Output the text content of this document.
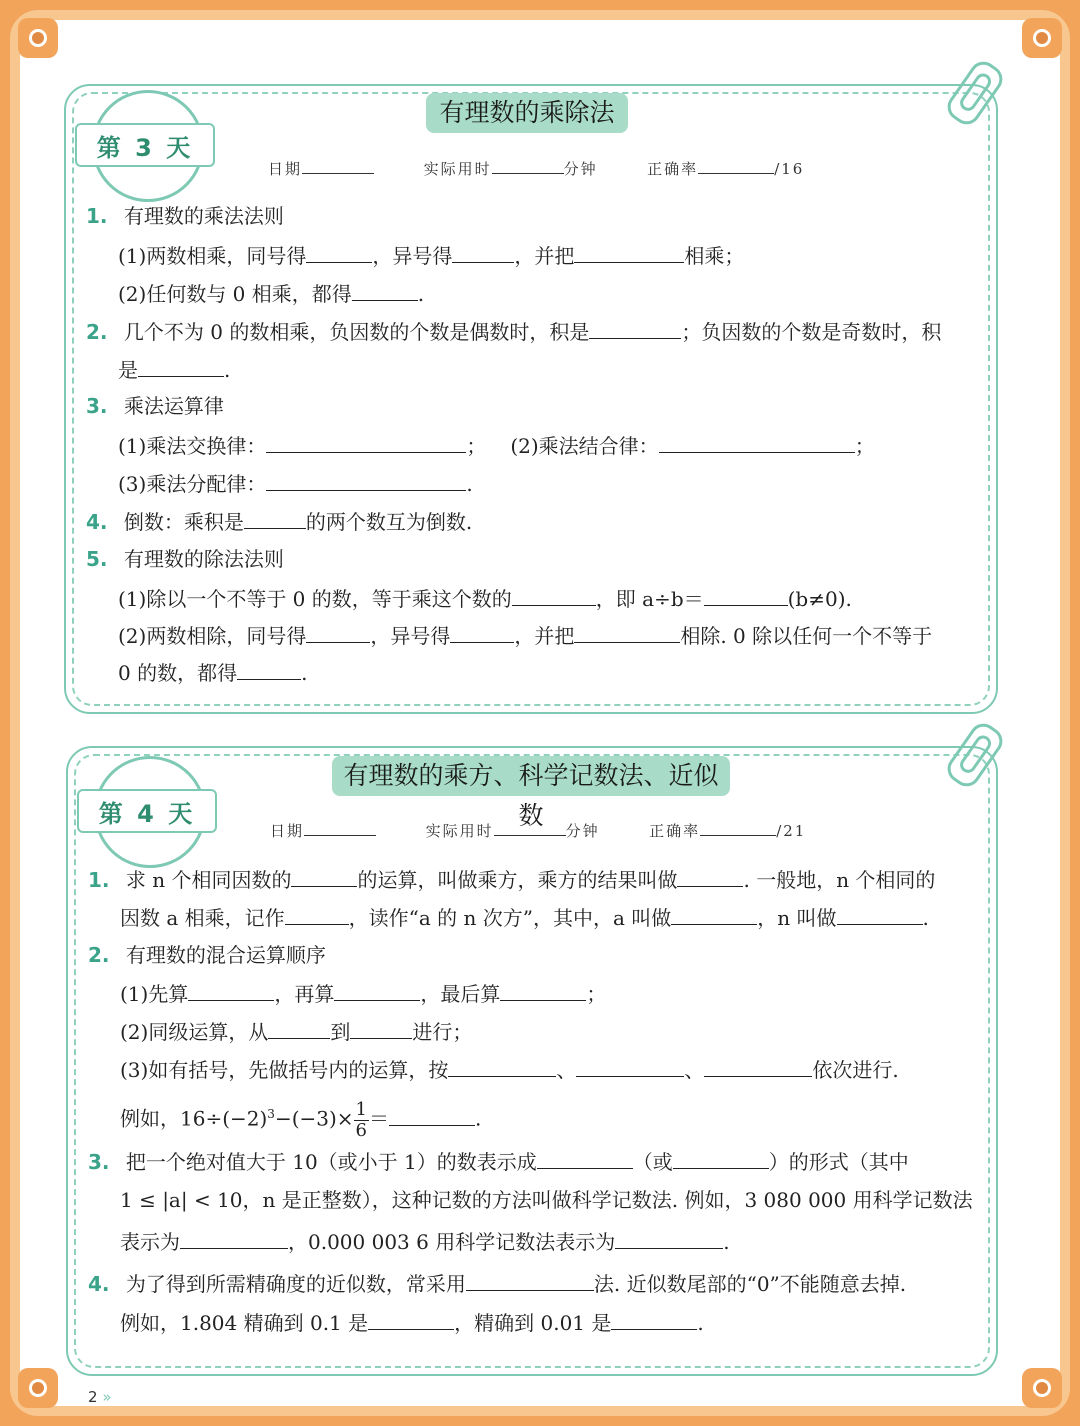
有理数的乘除法
第 3 天
日期	实际用时	分钟	正确率	/16
1. 有理数的乘法法则
(1)两数相乘，同号得	，异号得	，并把	相乘；
(2)任何数与 0 相乘，都得	.
2. 几个不为 0 的数相乘，负因数的个数是偶数时，积是	；负因数的个数是奇数时，积
是	.
3. 乘法运算律
(1)乘法交换律：	； (2)乘法结合律：	；
(3)乘法分配律：	.
4. 倒数：乘积是	的两个数互为倒数.
5. 有理数的除法法则
(1)除以一个不等于 0 的数，等于乘这个数的	，即 a÷b＝	(b≠0).
(2)两数相除，同号得	，异号得	，并把	相除. 0 除以任何一个不等于
0 的数，都得	.
有理数的乘方、科学记数法、近似数
第 4 天
日期	实际用时	分钟	正确率	/21
1. 求 n 个相同因数的	的运算，叫做乘方，乘方的结果叫做	. 一般地，n 个相同的
因数 a 相乘，记作	，读作“a 的 n 次方”，其中，a 叫做	，n 叫做	.
2. 有理数的混合运算顺序
(1)先算	，再算	，最后算	；
(2)同级运算，从	到	进行；
(3)如有括号，先做括号内的运算，按	、	、	依次进行.
例如，$16\div(-2)^3-(-3)\times \frac{1}{6}$ ＝	.
3. 把一个绝对值大于 10（或小于 1）的数表示成	（或	）的形式（其中
1 ≤ |a| < 10，n 是正整数），这种记数的方法叫做科学记数法. 例如，3 080 000 用科学记数法
表示为	，0.000 003 6 用科学记数法表示为	.
4. 为了得到所需精确度的近似数，常采用	法. 近似数尾部的“0”不能随意去掉.
例如，1.804 精确到 0.1 是	，精确到 0.01 是	.
2 »
